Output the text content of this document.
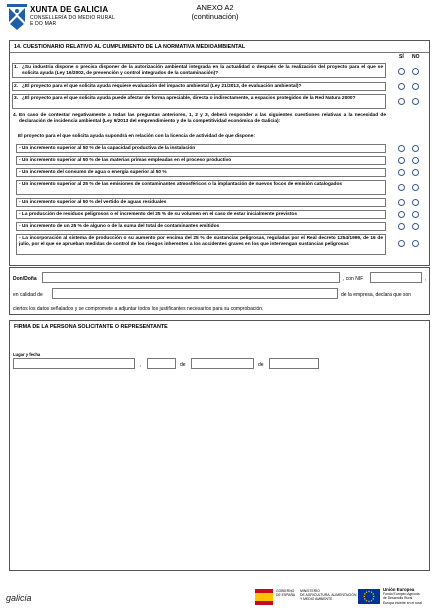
XUNTA DE GALICIA
CONSELLERÍA DO MEDIO RURAL
E DO MAR
ANEXO A2
(continuación)
14. CUESTIONARIO RELATIVO AL CUMPLIMIENTO DE LA NORMATIVA MEDIOAMBIENTAL
SÍ NO
1. ¿Su industria dispone o precisa disponer de la autorización ambiental integrada en la actualidad o después de la realización del proyecto para el que se solicita ayuda (Ley 16/2002, de prevención y control integrados de la contaminación)?
2. ¿El proyecto para el que solicita ayuda requiere evaluación del impacto ambiental (Ley 21/2013, de evaluación ambiental)?
3. ¿El proyecto para el que solicita ayuda puede afectar de forma apreciable, directa o indirectamente, a espacios protegidos de la Red Natura 2000?
4. En caso de contestar negativamente a todas las preguntas anteriores, 1, 2 y 3, deberá responder a las siguientes cuestiones relativas a la necesidad de declaración de incidencia ambiental (Ley 9/2013 del emprendimiento y de la competitividad económica de Galicia):
El proyecto para el que solicita ayuda supondrá en relación con la licencia de actividad de que dispone:
- Un incremento superior al 50 % de la capacidad productiva de la instalación
- Un incremento superior al 50 % de las materias primas empleadas en el proceso productivo
- Un incremento del consumo de agua o energía superior al 50 %
- Un incremento superior al 25 % de las emisiones de contaminantes atmosféricos o la implantación de nuevos focos de emisión catalogados
- Un incremento superior al 50 % del vertido de aguas residuales
- La producción de residuos peligrosos o el incremento del 25 % de su volumen en el caso de estar inicialmente previstos
- Un incremento de un 25 % de alguno o de la suma del total de contaminantes emitidos
- La incorporación al sistema de producción o su aumento por encima del 25 % de sustancias peligrosas, reguladas por el Real decreto 1254/1999, de 16 de julio, por el que se aprueban medidas de control de los riesgos inherentes a los accidentes graves en los que intervengan sustancias peligrosas
Don/Doña	, con NIF	,
en calidad de	de la empresa, declara que son
ciertos los datos señalados y se compromete a adjuntar todos los justificantes necesarios para su comprobación.
FIRMA DE LA PERSONA SOLICITANTE O REPRESENTANTE
Lugar y fecha
,	de	de
galicia
GOBIERNO
DE ESPAÑA
MINISTERIO
DE AGRICULTURA, ALIMENTACIÓN
Y MEDIO AMBIENTE
Unión Europea
Fondo Europeo Agrícola
de Desarrollo Rural
Europa invierte en el rural
